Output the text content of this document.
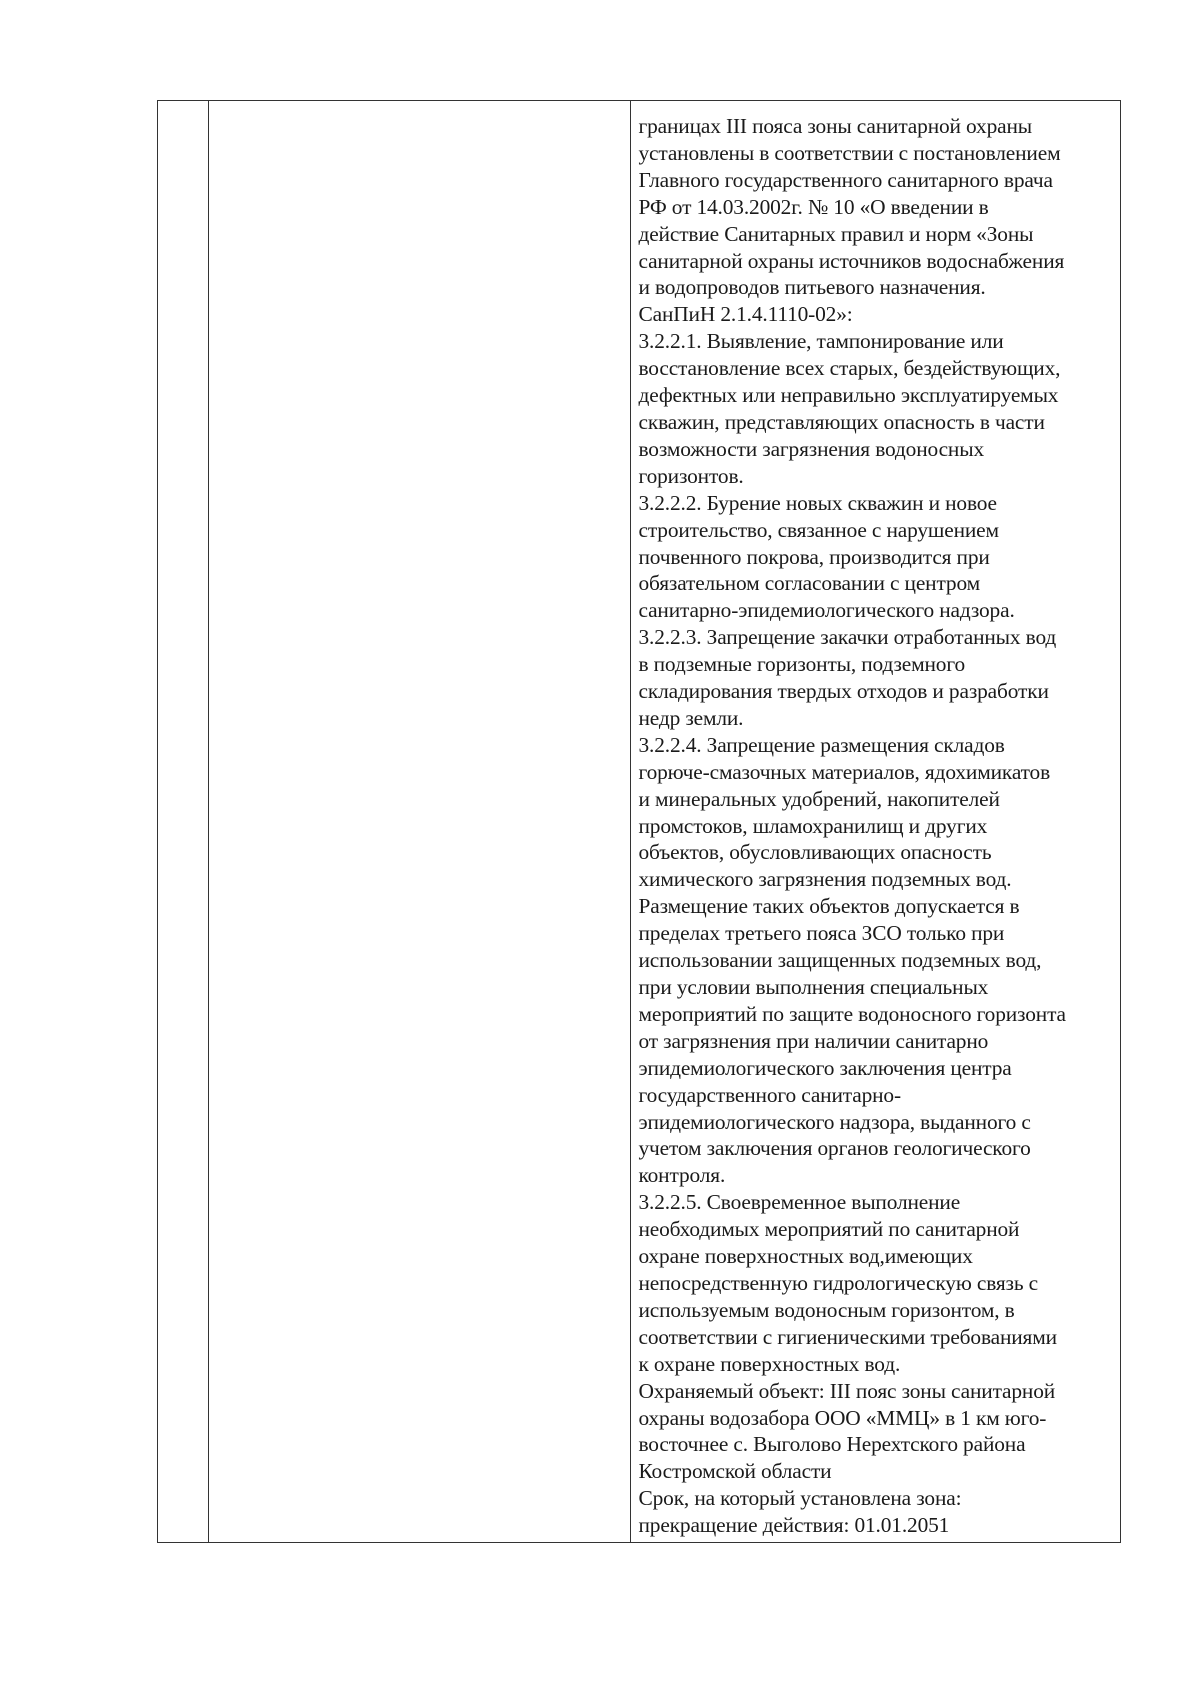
границах III пояса зоны санитарной охраны
установлены в соответствии с постановлением
Главного государственного санитарного врача
РФ от 14.03.2002г. № 10 «О введении в
действие Санитарных правил и норм «Зоны
санитарной охраны источников водоснабжения
и водопроводов питьевого назначения.
СанПиН 2.1.4.1110-02»:
3.2.2.1. Выявление, тампонирование или
восстановление всех старых, бездействующих,
дефектных или неправильно эксплуатируемых
скважин, представляющих опасность в части
возможности загрязнения водоносных
горизонтов.
3.2.2.2. Бурение новых скважин и новое
строительство, связанное с нарушением
почвенного покрова, производится при
обязательном согласовании с центром
санитарно-эпидемиологического надзора.
3.2.2.3. Запрещение закачки отработанных вод
в подземные горизонты, подземного
складирования твердых отходов и разработки
недр земли.
3.2.2.4. Запрещение размещения складов
горюче-смазочных материалов, ядохимикатов
и минеральных удобрений, накопителей
промстоков, шламохранилищ и других
объектов, обусловливающих опасность
химического загрязнения подземных вод.
Размещение таких объектов допускается в
пределах третьего пояса ЗСО только при
использовании защищенных подземных вод,
при условии выполнения специальных
мероприятий по защите водоносного горизонта
от загрязнения при наличии санитарно
эпидемиологического заключения центра
государственного санитарно-
эпидемиологического надзора, выданного с
учетом заключения органов геологического
контроля.
3.2.2.5. Своевременное выполнение
необходимых мероприятий по санитарной
охране поверхностных вод,имеющих
непосредственную гидрологическую связь с
используемым водоносным горизонтом, в
соответствии с гигиеническими требованиями
к охране поверхностных вод.
Охраняемый объект: III пояс зоны санитарной
охраны водозабора ООО «ММЦ» в 1 км юго-
восточнее с. Выголово Нерехтского района
Костромской области
Срок, на который установлена зона:
прекращение действия: 01.01.2051
